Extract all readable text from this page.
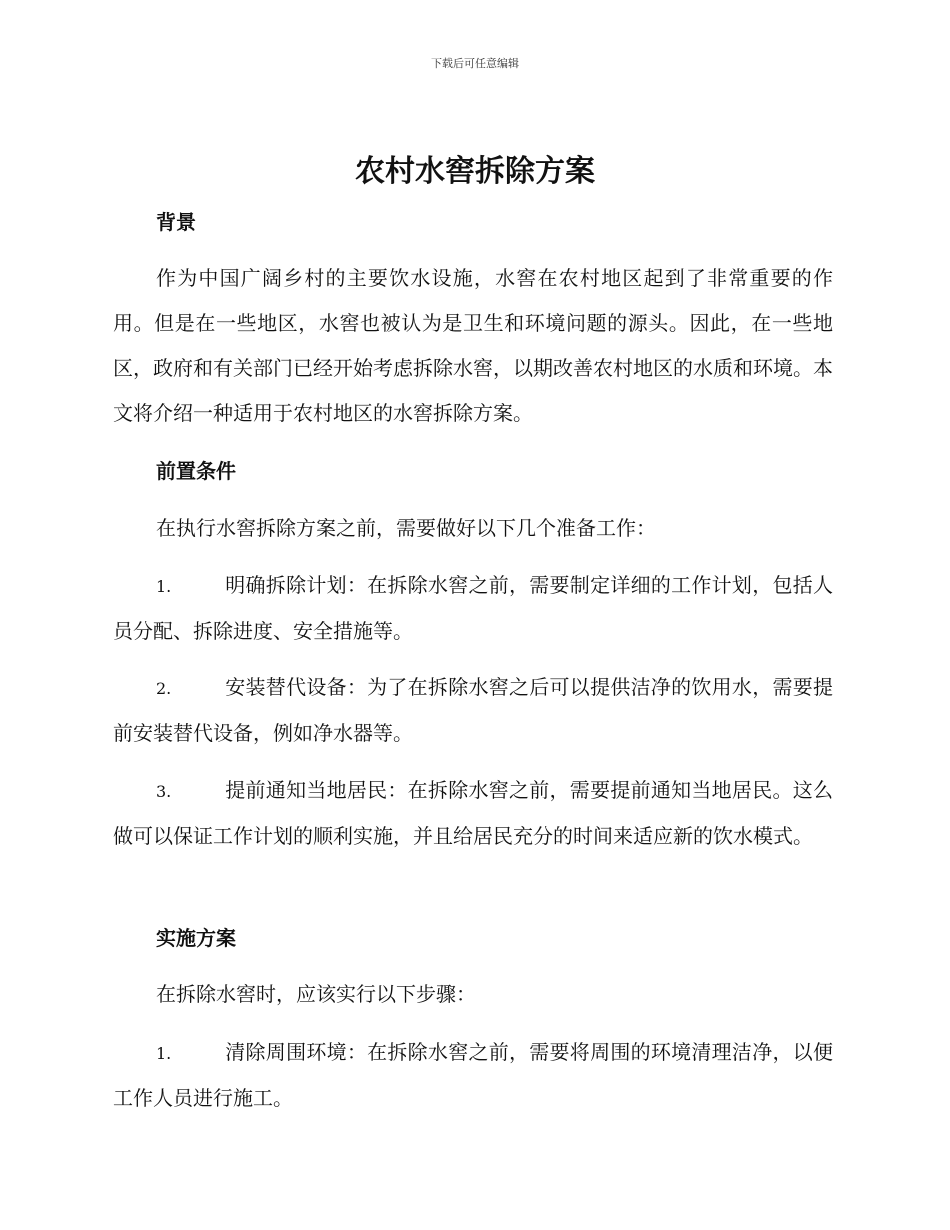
下载后可任意编辑
农村水窖拆除方案
背景

作为中国广阔乡村的主要饮水设施，水窖在农村地区起到了非常重要的作用。但是在一些地区，水窖也被认为是卫生和环境问题的源头。因此，在一些地区，政府和有关部门已经开始考虑拆除水窖，以期改善农村地区的水质和环境。本文将介绍一种适用于农村地区的水窖拆除方案。

前置条件

在执行水窖拆除方案之前，需要做好以下几个准备工作：

1.	明确拆除计划：在拆除水窖之前，需要制定详细的工作计划，包括人员分配、拆除进度、安全措施等。

2.	安装替代设备：为了在拆除水窖之后可以提供洁净的饮用水，需要提前安装替代设备，例如净水器等。

3.	提前通知当地居民：在拆除水窖之前，需要提前通知当地居民。这么做可以保证工作计划的顺利实施，并且给居民充分的时间来适应新的饮水模式。

实施方案

在拆除水窖时，应该实行以下步骤：

1.	清除周围环境：在拆除水窖之前，需要将周围的环境清理洁净，以便工作人员进行施工。
